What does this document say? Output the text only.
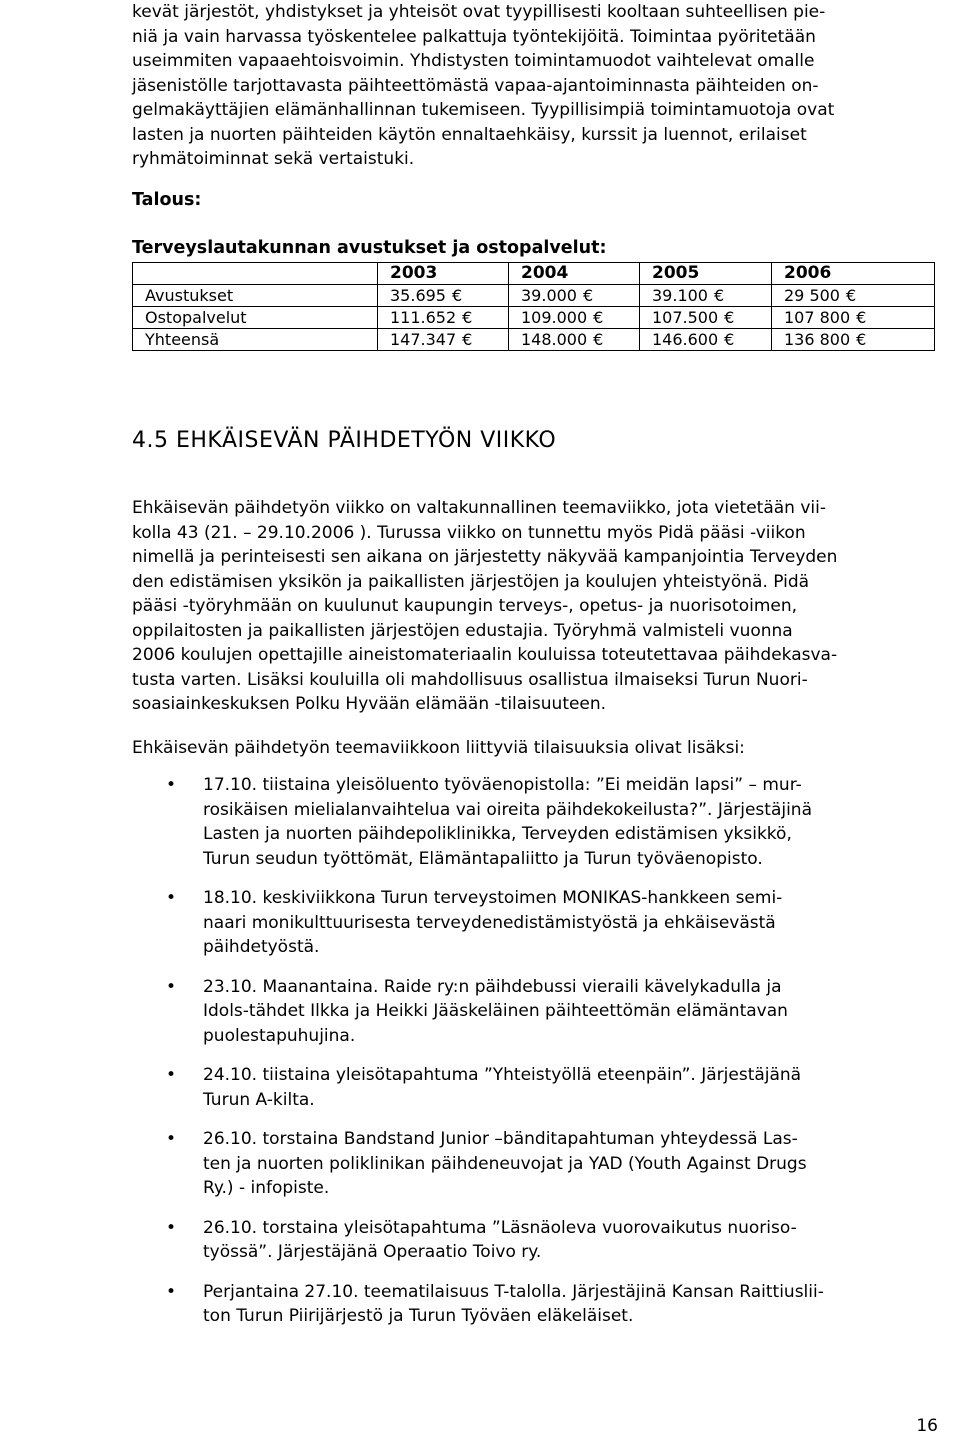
kevät järjestöt, yhdistykset ja yhteisöt ovat tyypillisesti kooltaan suhteellisen pie-
niä ja vain harvassa työskentelee palkattuja työntekijöitä. Toimintaa pyöritetään
useimmiten vapaaehtoisvoimin. Yhdistysten toimintamuodot vaihtelevat omalle
jäsenistölle tarjottavasta päihteettömästä vapaa-ajantoiminnasta päihteiden on-
gelmakäyttäjien elämänhallinnan tukemiseen. Tyypillisimpiä toimintamuotoja ovat
lasten ja nuorten päihteiden käytön ennaltaehkäisy, kurssit ja luennot, erilaiset
ryhmätoiminnat sekä vertaistuki.

Talous:

Terveyslautakunnan avustukset ja ostopalvelut:

	2003	2004	2005	2006
Avustukset	35.695 €	39.000 €	39.100 €	29 500 €
Ostopalvelut	111.652 €	109.000 €	107.500 €	107 800 €
Yhteensä	147.347 €	148.000 €	146.600 €	136 800 €
4.5 EHKÄISEVÄN PÄIHDETYÖN VIIKKO

Ehkäisevän päihdetyön viikko on valtakunnallinen teemaviikko, jota vietetään vii-
kolla 43 (21. – 29.10.2006 ). Turussa viikko on tunnettu myös Pidä pääsi -viikon
nimellä ja perinteisesti sen aikana on järjestetty näkyvää kampanjointia Terveyden
den edistämisen yksikön ja paikallisten järjestöjen ja koulujen yhteistyönä. Pidä
pääsi -työryhmään on kuulunut kaupungin terveys-, opetus- ja nuorisotoimen,
oppilaitosten ja paikallisten järjestöjen edustajia. Työryhmä valmisteli vuonna
2006 koulujen opettajille aineistomateriaalin kouluissa toteutettavaa päihdekasva-
tusta varten. Lisäksi kouluilla oli mahdollisuus osallistua ilmaiseksi Turun Nuori-
soasiainkeskuksen Polku Hyvään elämään -tilaisuuteen.

Ehkäisevän päihdetyön teemaviikkoon liittyviä tilaisuuksia olivat lisäksi:

• 17.10. tiistaina yleisöluento työväenopistolla: ”Ei meidän lapsi” – mur-
rosikäisen mielialanvaihtelua vai oireita päihdekokeilusta?”. Järjestäjinä
Lasten ja nuorten päihdepoliklinikka, Terveyden edistämisen yksikkö,
Turun seudun työttömät, Elämäntapaliitto ja Turun työväenopisto.
• 18.10. keskiviikkona Turun terveystoimen MONIKAS-hankkeen semi-
naari monikulttuurisesta terveydenedistämistyöstä ja ehkäisevästä
päihdetyöstä.
• 23.10. Maanantaina. Raide ry:n päihdebussi vieraili kävelykadulla ja
Idols-tähdet Ilkka ja Heikki Jääskeläinen päihteettömän elämäntavan
puolestapuhujina.
• 24.10. tiistaina yleisötapahtuma ”Yhteistyöllä eteenpäin”. Järjestäjänä
Turun A-kilta.
• 26.10. torstaina Bandstand Junior –bänditapahtuman yhteydessä Las-
ten ja nuorten poliklinikan päihdeneuvojat ja YAD (Youth Against Drugs
Ry.) - infopiste.
• 26.10. torstaina yleisötapahtuma ”Läsnäoleva vuorovaikutus nuoriso-
työssä”. Järjestäjänä Operaatio Toivo ry.
• Perjantaina 27.10. teematilaisuus T-talolla. Järjestäjinä Kansan Raittiuslii-
ton Turun Piirijärjestö ja Turun Työväen eläkeläiset.

16
